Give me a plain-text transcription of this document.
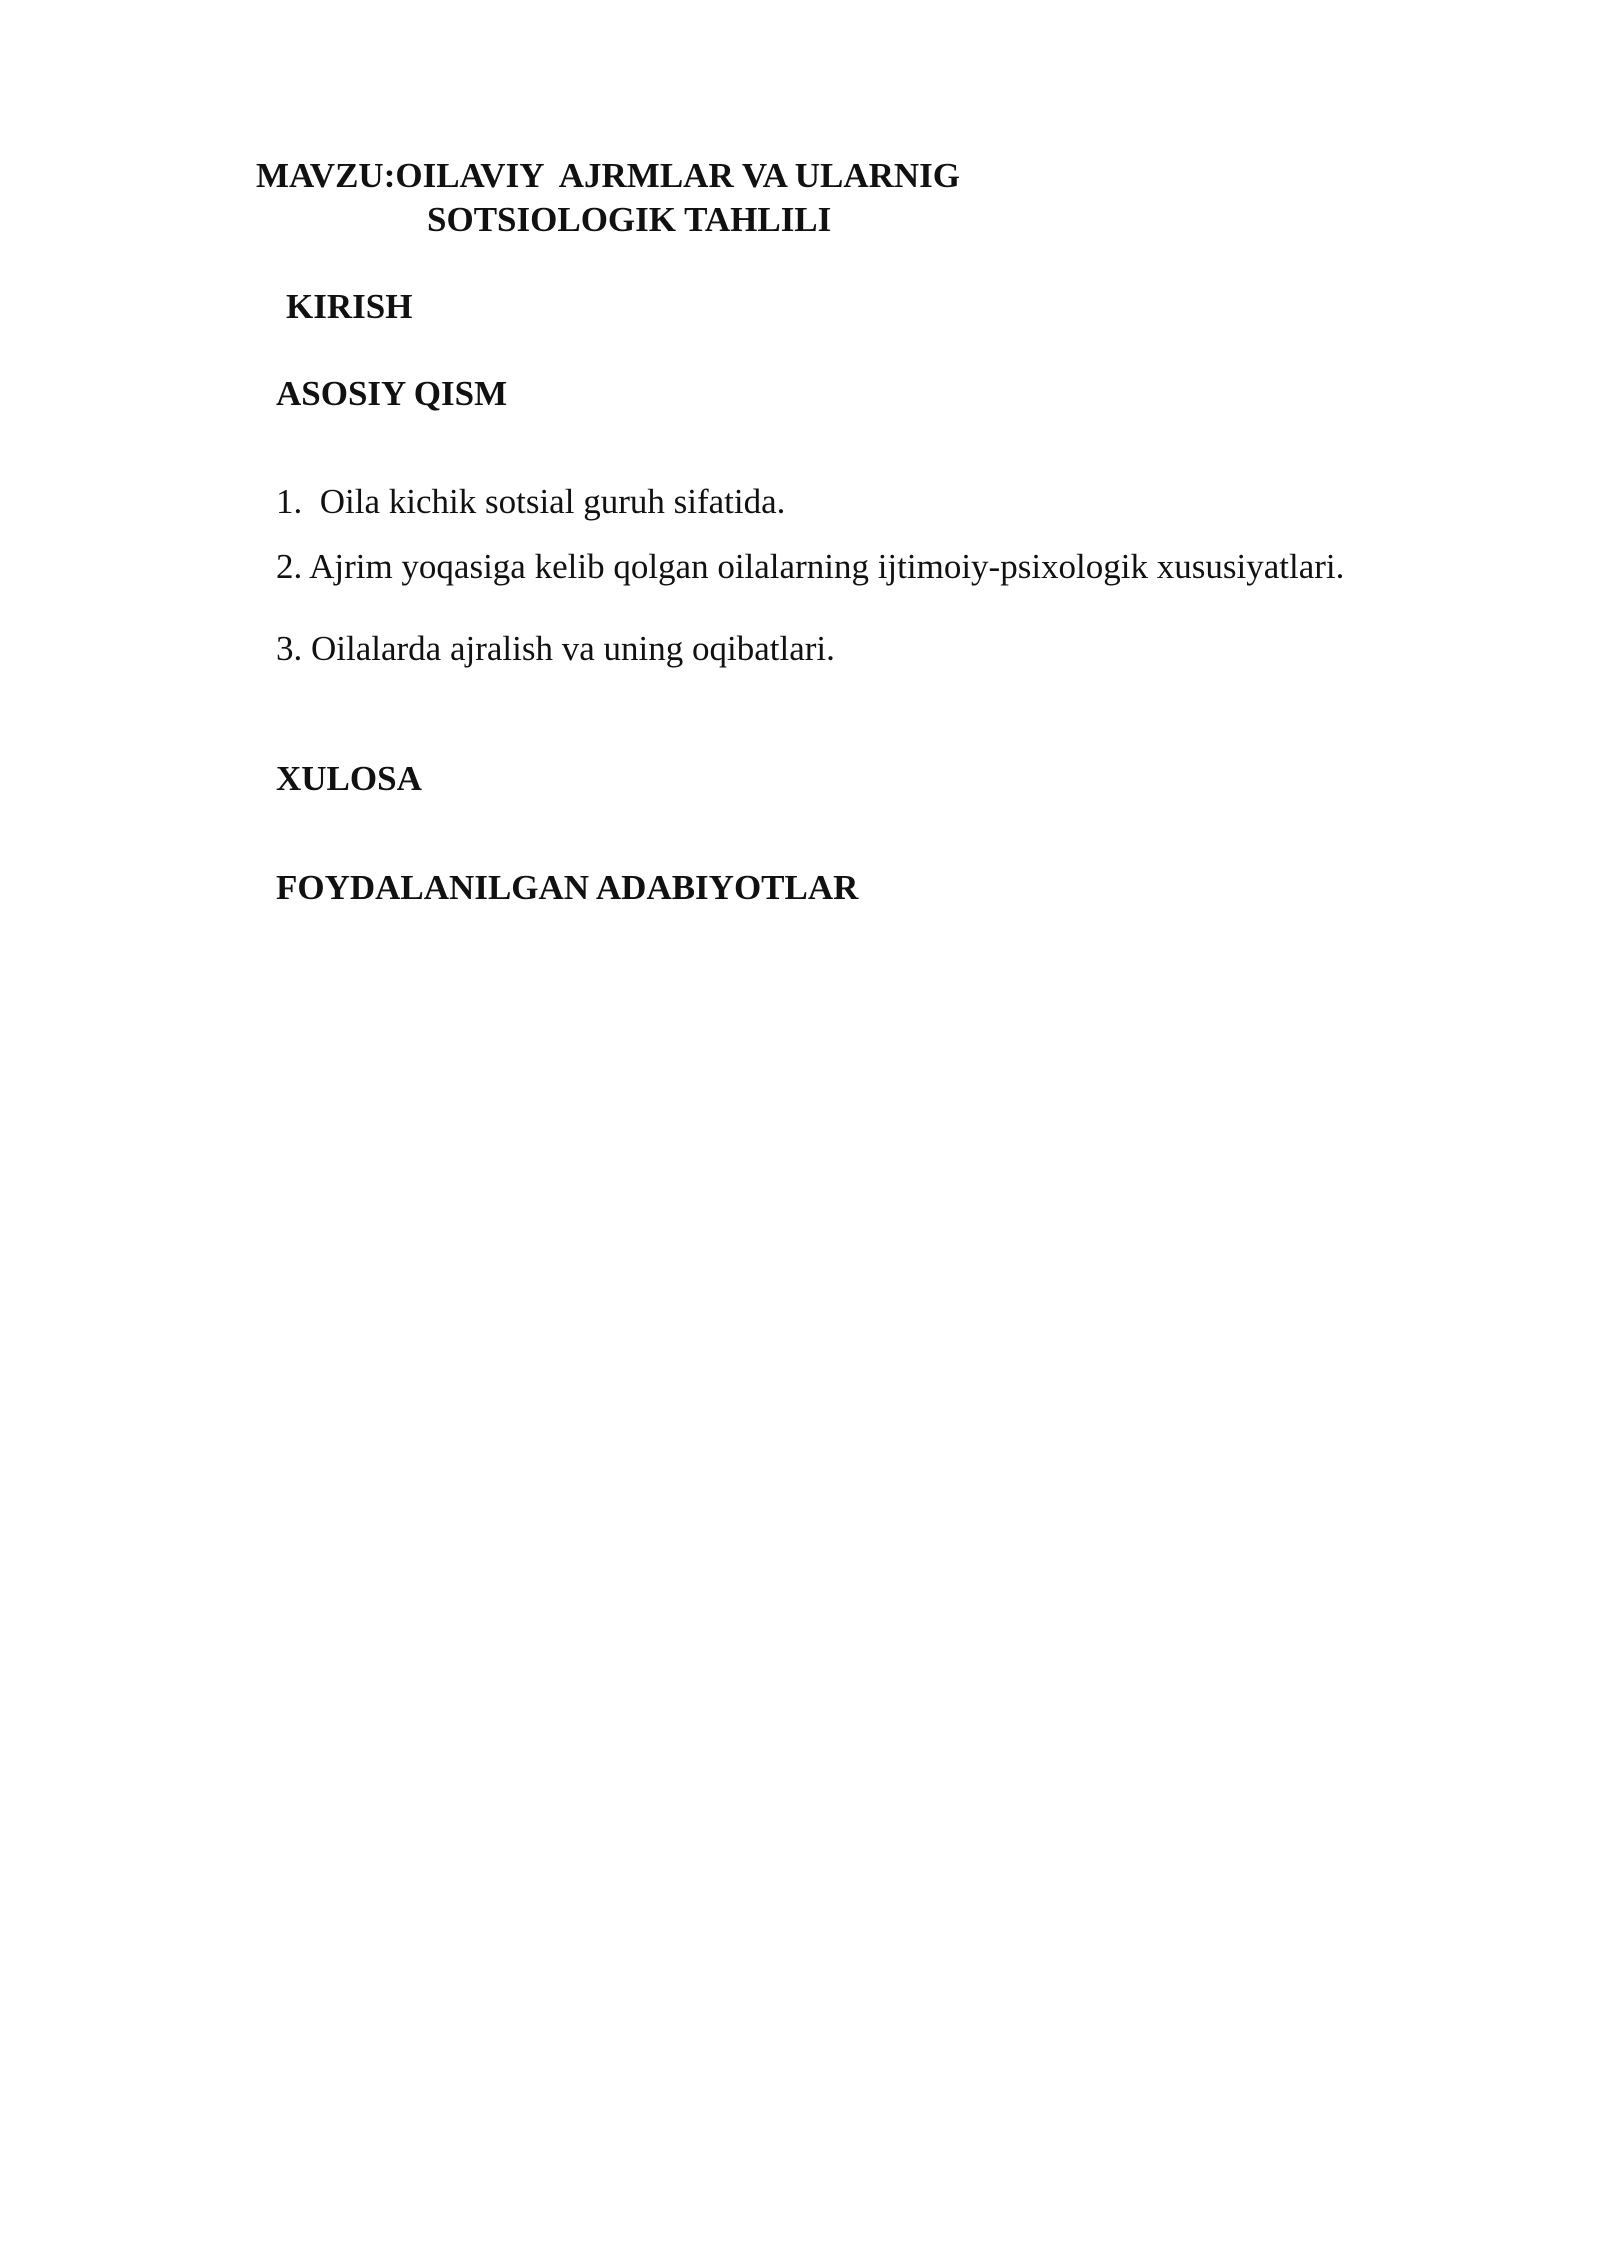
MAVZU:OILAVIY  AJRMLAR VA ULARNIG

SOTSIOLOGIK TAHLILI

KIRISH

ASOSIY QISM

1.  Oila kichik sotsial guruh sifatida.

2. Ajrim yoqasiga kelib qolgan oilalarning ijtimoiy-psixologik xususiyatlari.

3. Oilalarda ajralish va uning oqibatlari.

XULOSA

FOYDALANILGAN ADABIYOTLAR
